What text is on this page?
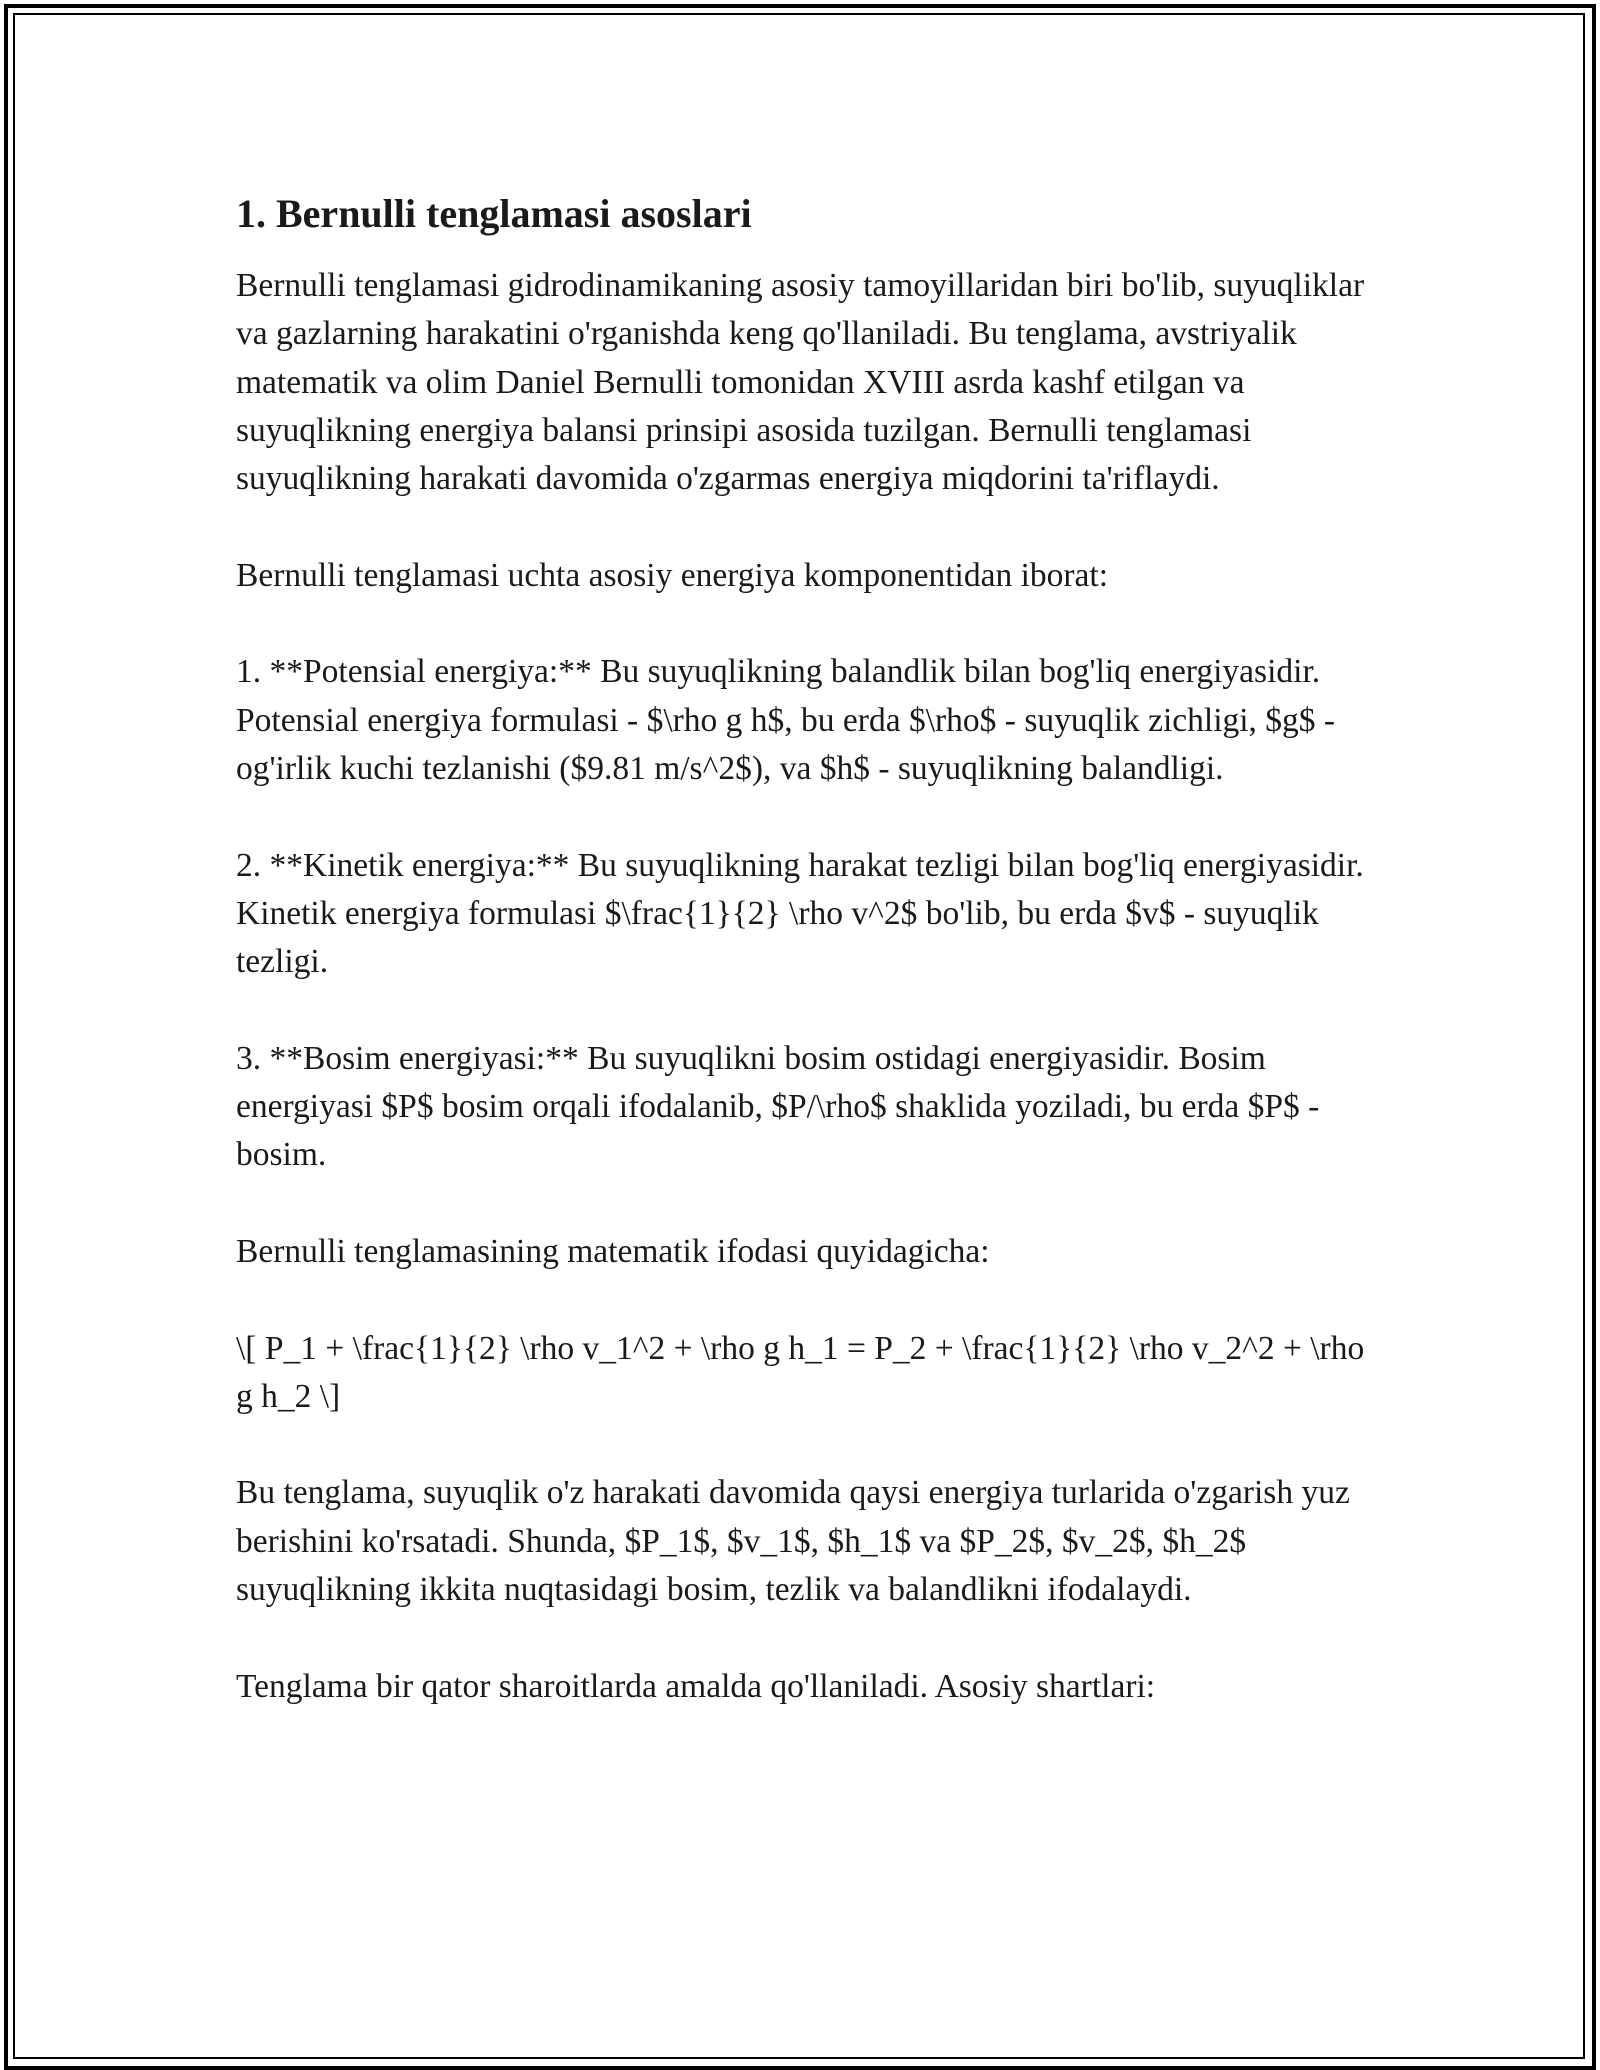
1. Bernulli tenglamasi asoslari

Bernulli tenglamasi gidrodinamikaning asosiy tamoyillaridan biri bo'lib, suyuqliklar va gazlarning harakatini o'rganishda keng qo'llaniladi. Bu tenglama, avstriyalik matematik va olim Daniel Bernulli tomonidan XVIII asrda kashf etilgan va suyuqlikning energiya balansi prinsipi asosida tuzilgan. Bernulli tenglamasi suyuqlikning harakati davomida o'zgarmas energiya miqdorini ta'riflaydi.

Bernulli tenglamasi uchta asosiy energiya komponentidan iborat:

1. **Potensial energiya:** Bu suyuqlikning balandlik bilan bog'liq energiyasidir. Potensial energiya formulasi - $\rho g h$, bu erda $\rho$ - suyuqlik zichligi, $g$ - og'irlik kuchi tezlanishi ($9.81 m/s^2$), va $h$ - suyuqlikning balandligi.

2. **Kinetik energiya:** Bu suyuqlikning harakat tezligi bilan bog'liq energiyasidir. Kinetik energiya formulasi $\frac{1}{2} \rho v^2$ bo'lib, bu erda $v$ - suyuqlik tezligi.

3. **Bosim energiyasi:** Bu suyuqlikni bosim ostidagi energiyasidir. Bosim energiyasi $P$ bosim orqali ifodalanib, $P/\rho$ shaklida yoziladi, bu erda $P$ - bosim.

Bernulli tenglamasining matematik ifodasi quyidagicha:

\[ P_1 + \frac{1}{2} \rho v_1^2 + \rho g h_1 = P_2 + \frac{1}{2} \rho v_2^2 + \rho g h_2 \]

Bu tenglama, suyuqlik o'z harakati davomida qaysi energiya turlarida o'zgarish yuz berishini ko'rsatadi. Shunda, $P_1$, $v_1$, $h_1$ va $P_2$, $v_2$, $h_2$ suyuqlikning ikkita nuqtasidagi bosim, tezlik va balandlikni ifodalaydi.

Tenglama bir qator sharoitlarda amalda qo'llaniladi. Asosiy shartlari:
